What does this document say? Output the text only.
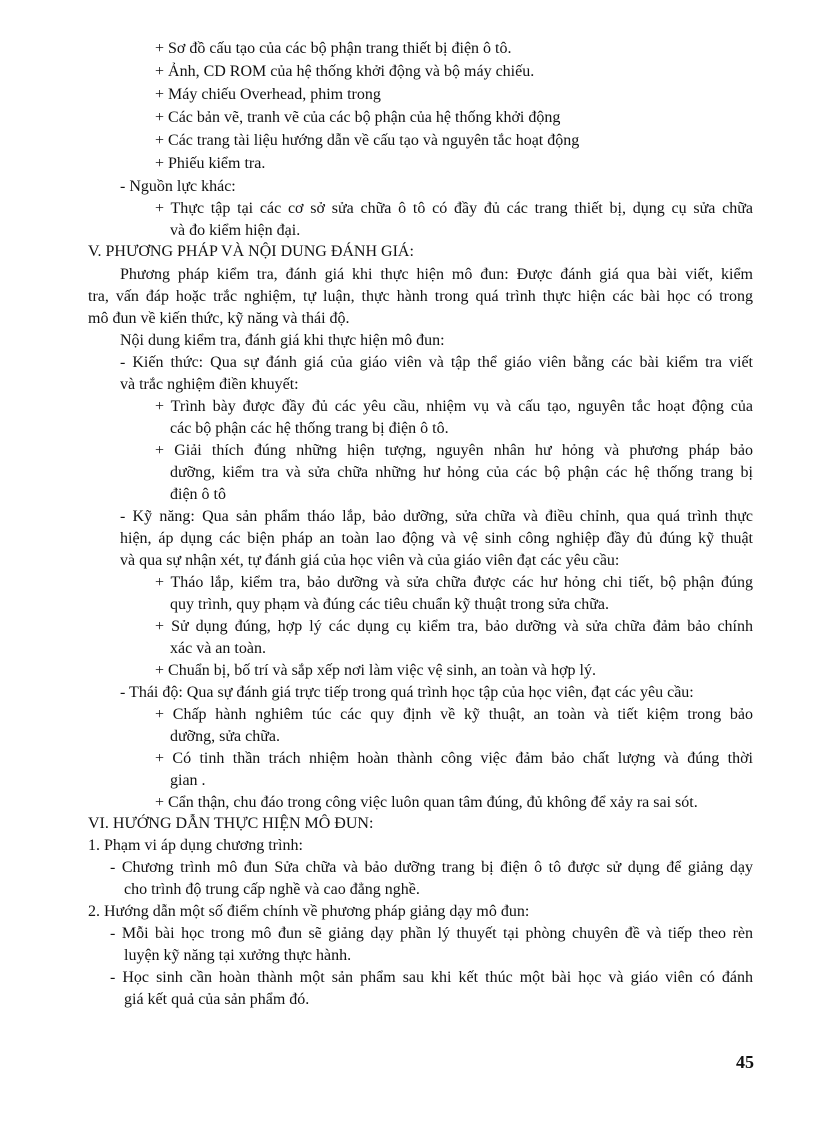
+ Sơ đồ cấu tạo của các bộ phận trang thiết bị điện ô tô.
+ Ảnh, CD ROM của hệ thống khởi động và bộ máy chiếu.
+ Máy chiếu Overhead, phim trong
+ Các bản vẽ, tranh vẽ của các bộ phận của hệ thống khởi động
+ Các trang tài liệu hướng dẫn về cấu tạo và nguyên tắc hoạt động
+ Phiếu kiểm tra.
- Nguồn lực khác:
+ Thực tập tại các cơ sở sửa chữa ô tô có đầy đủ các trang thiết bị, dụng cụ sửa chữa
và đo kiểm hiện đại.
V. PHƯƠNG PHÁP VÀ NỘI DUNG ĐÁNH GIÁ:
Phương pháp kiểm tra, đánh giá khi thực hiện mô đun: Được đánh giá qua bài viết, kiểm
tra, vấn đáp hoặc trắc nghiệm, tự luận, thực hành trong quá trình thực hiện các bài học có trong
mô đun về kiến thức, kỹ năng và thái độ.
Nội dung kiểm tra, đánh giá khi thực hiện mô đun:
- Kiến thức: Qua sự đánh giá của giáo viên và tập thể giáo viên bằng các bài kiểm tra viết
và trắc nghiệm điền khuyết:
+ Trình bày được đầy đủ các yêu cầu, nhiệm vụ và cấu tạo, nguyên tắc hoạt động của
các bộ phận các hệ thống trang bị điện ô tô.
+ Giải thích đúng những hiện tượng, nguyên nhân hư hỏng và phương pháp bảo
dưỡng, kiểm tra và sửa chữa những hư hỏng của các bộ phận các hệ thống trang bị
điện ô tô
- Kỹ năng: Qua sản phẩm tháo lắp, bảo dưỡng, sửa chữa và điều chỉnh, qua quá trình thực
hiện, áp dụng các biện pháp an toàn lao động và vệ sinh công nghiệp đầy đủ đúng kỹ thuật
và qua sự nhận xét, tự đánh giá của học viên và của giáo viên đạt các yêu cầu:
+ Tháo lắp, kiểm tra, bảo dưỡng và sửa chữa được các hư hỏng chi tiết, bộ phận đúng
quy trình, quy phạm và đúng các tiêu chuẩn kỹ thuật trong sửa chữa.
+ Sử dụng đúng, hợp lý các dụng cụ kiểm tra, bảo dưỡng và sửa chữa đảm bảo chính
xác và an toàn.
+ Chuẩn bị, bố trí và sắp xếp nơi làm việc vệ sinh, an toàn và hợp lý.
- Thái độ: Qua sự đánh giá trực tiếp trong quá trình học tập của học viên, đạt các yêu cầu:
+ Chấp hành nghiêm túc các quy định về kỹ thuật, an toàn và tiết kiệm trong bảo
dưỡng, sửa chữa.
+ Có tinh thần trách nhiệm hoàn thành công việc đảm bảo chất lượng và đúng thời
gian .
+ Cẩn thận, chu đáo trong công việc luôn quan tâm đúng, đủ không để xảy ra sai sót.
VI. HƯỚNG DẪN THỰC HIỆN MÔ ĐUN:
1. Phạm vi áp dụng chương trình:
- Chương trình mô đun Sửa chữa và bảo dưỡng trang bị điện ô tô được sử dụng để giảng dạy
cho trình độ trung cấp nghề và cao đẳng nghề.
2. Hướng dẫn một số điểm chính về phương pháp giảng dạy mô đun:
- Mỗi bài học trong mô đun sẽ giảng dạy phần lý thuyết tại phòng chuyên đề và tiếp theo rèn
luyện kỹ năng tại xưởng thực hành.
- Học sinh cần hoàn thành một sản phẩm sau khi kết thúc một bài học và giáo viên có đánh
giá kết quả của sản phẩm đó.
45
